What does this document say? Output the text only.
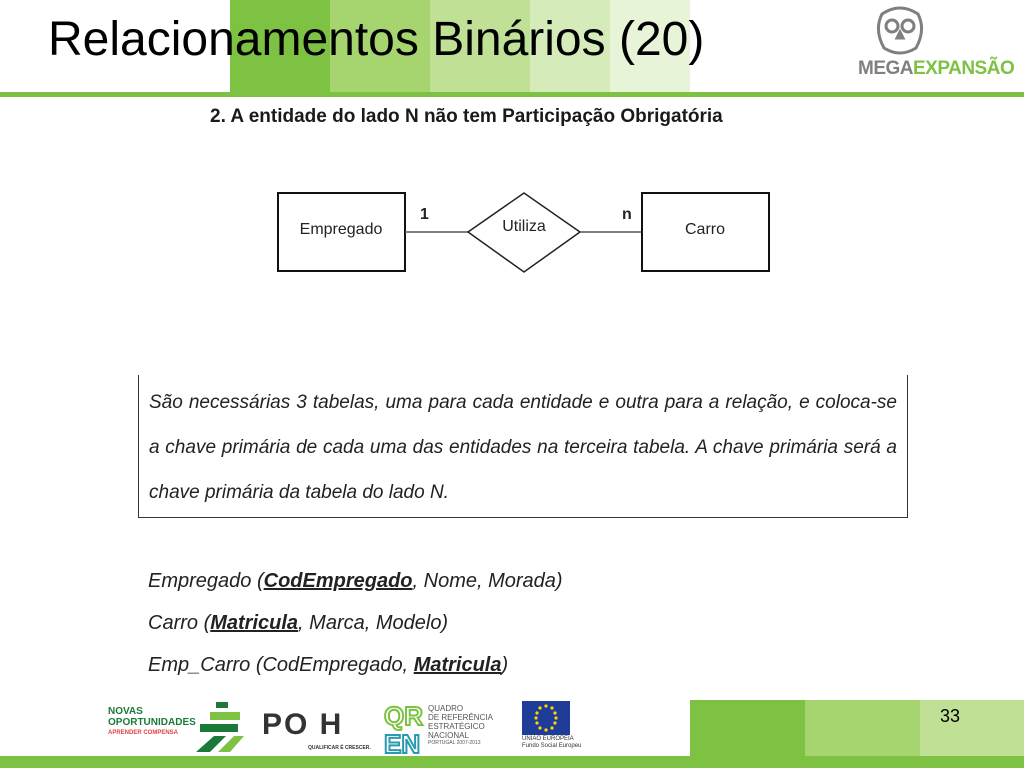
Relacionamentos Binários (20)
MEGAEXPANSÃO

2. A entidade do lado N não tem Participação Obrigatória

Empregado	Utiliza	Carro
1	n

São necessárias 3 tabelas, uma para cada entidade e outra para a relação, e coloca-se a chave primária de cada uma das entidades na terceira tabela. A chave primária será a chave primária da tabela do lado N.

Empregado (CodEmpregado, Nome, Morada)
Carro (Matricula, Marca, Modelo)
Emp_Carro (CodEmpregado, Matricula)
33
NOVAS
OPORTUNIDADES
APRENDER COMPENSA	PO H
QUALIFICAR É CRESCER.
QR
EN
QUADRO
DE REFERÊNCIA
ESTRATÉGICO
NACIONAL
PORTUGAL 2007-2013
UNIÃO EUROPEIA
Fundo Social Europeu
